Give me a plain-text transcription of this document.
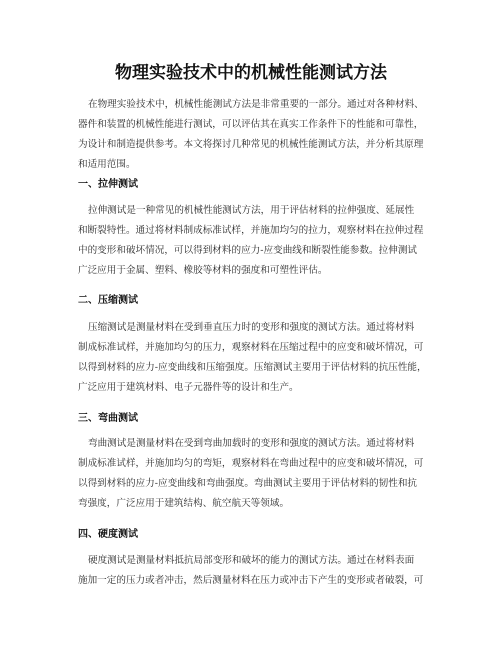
物理实验技术中的机械性能测试方法
在物理实验技术中，机械性能测试方法是非常重要的一部分。通过对各种材料、
器件和装置的机械性能进行测试，可以评估其在真实工作条件下的性能和可靠性，
为设计和制造提供参考。本文将探讨几种常见的机械性能测试方法，并分析其原理
和适用范围。
一、拉伸测试
拉伸测试是一种常见的机械性能测试方法，用于评估材料的拉伸强度、延展性
和断裂特性。通过将材料制成标准试样，并施加均匀的拉力，观察材料在拉伸过程
中的变形和破坏情况，可以得到材料的应力-应变曲线和断裂性能参数。拉伸测试
广泛应用于金属、塑料、橡胶等材料的强度和可塑性评估。
二、压缩测试
压缩测试是测量材料在受到垂直压力时的变形和强度的测试方法。通过将材料
制成标准试样，并施加均匀的压力，观察材料在压缩过程中的应变和破坏情况，可
以得到材料的应力-应变曲线和压缩强度。压缩测试主要用于评估材料的抗压性能，
广泛应用于建筑材料、电子元器件等的设计和生产。
三、弯曲测试
弯曲测试是测量材料在受到弯曲加载时的变形和强度的测试方法。通过将材料
制成标准试样，并施加均匀的弯矩，观察材料在弯曲过程中的应变和破坏情况，可
以得到材料的应力-应变曲线和弯曲强度。弯曲测试主要用于评估材料的韧性和抗
弯强度，广泛应用于建筑结构、航空航天等领域。
四、硬度测试
硬度测试是测量材料抵抗局部变形和破坏的能力的测试方法。通过在材料表面
施加一定的压力或者冲击，然后测量材料在压力或冲击下产生的变形或者破裂，可
